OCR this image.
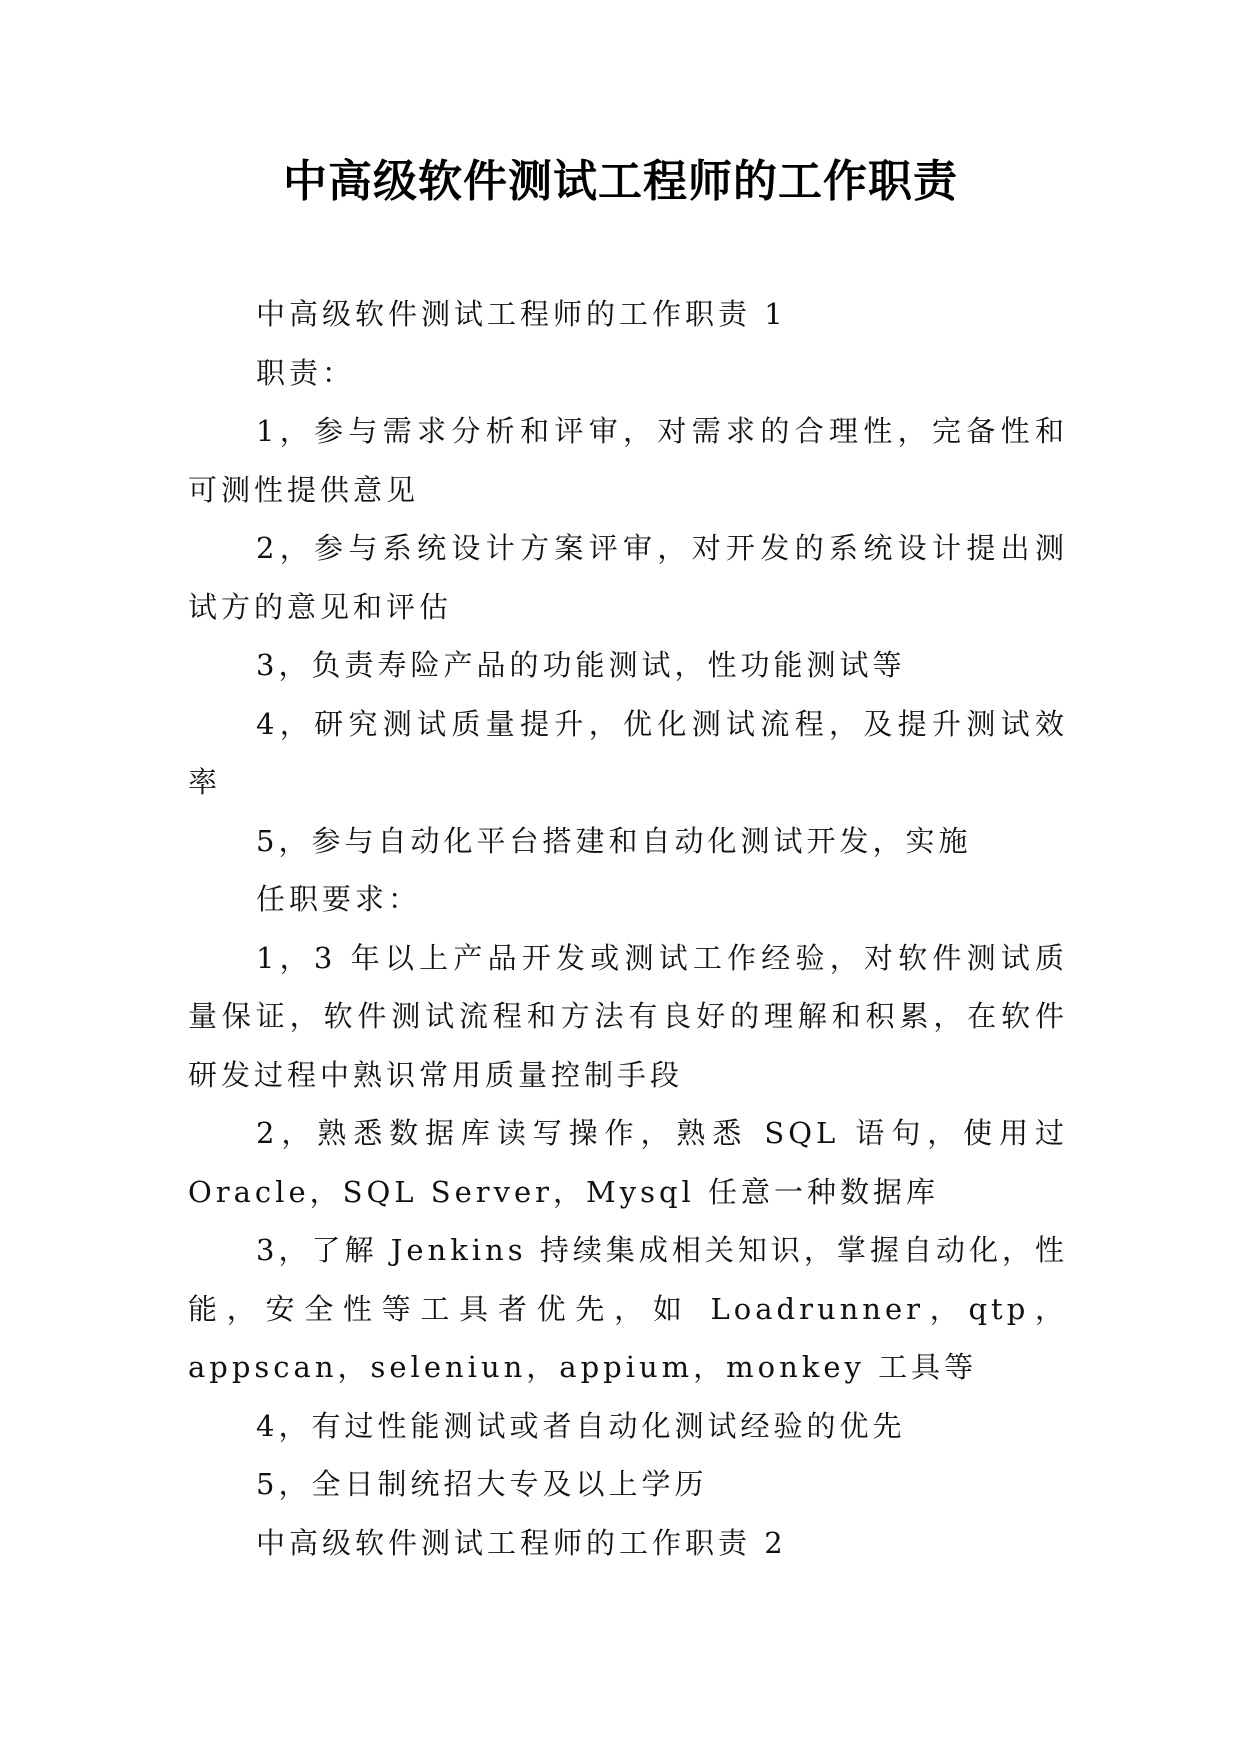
中高级软件测试工程师的工作职责

中高级软件测试工程师的工作职责 1

职责：

1，参与需求分析和评审，对需求的合理性，完备性和可测性提供意见

2，参与系统设计方案评审，对开发的系统设计提出测试方的意见和评估

3，负责寿险产品的功能测试，性功能测试等

4，研究测试质量提升，优化测试流程，及提升测试效率

5，参与自动化平台搭建和自动化测试开发，实施

任职要求：

1，3 年以上产品开发或测试工作经验，对软件测试质量保证，软件测试流程和方法有良好的理解和积累，在软件研发过程中熟识常用质量控制手段

2，熟悉数据库读写操作，熟悉 SQL 语句，使用过 Oracle，SQL Server，Mysql 任意一种数据库

3，了解 Jenkins 持续集成相关知识，掌握自动化，性能，安全性等工具者优先，如 Loadrunner，qtp，appscan，seleniun，appium，monkey 工具等

4，有过性能测试或者自动化测试经验的优先

5，全日制统招大专及以上学历

中高级软件测试工程师的工作职责 2
